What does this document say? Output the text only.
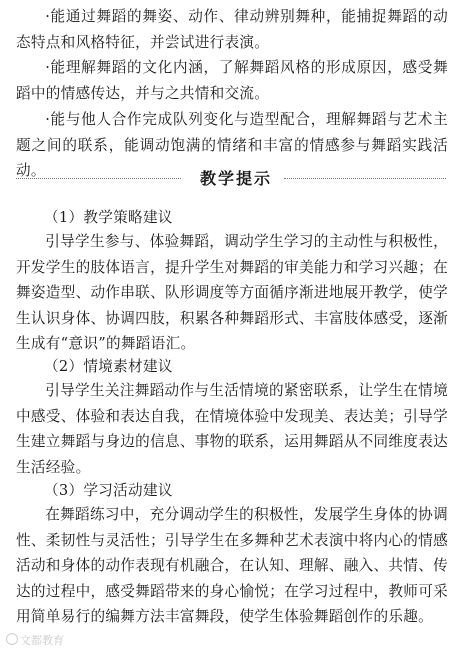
·能通过舞蹈的舞姿、动作、律动辨别舞种，能捕捉舞蹈的动态特点和风格特征，并尝试进行表演。

·能理解舞蹈的文化内涵，了解舞蹈风格的形成原因，感受舞蹈中的情感传达，并与之共情和交流。

·能与他人合作完成队列变化与造型配合，理解舞蹈与艺术主题之间的联系，能调动饱满的情绪和丰富的情感参与舞蹈实践活动。	教学提示
（1）教学策略建议

引导学生参与、体验舞蹈，调动学生学习的主动性与积极性，开发学生的肢体语言，提升学生对舞蹈的审美能力和学习兴趣；在舞姿造型、动作串联、队形调度等方面循序渐进地展开教学，使学生认识身体、协调四肢，积累各种舞蹈形式、丰富肢体感受，逐渐生成有“意识”的舞蹈语汇。

（2）情境素材建议

引导学生关注舞蹈动作与生活情境的紧密联系，让学生在情境中感受、体验和表达自我，在情境体验中发现美、表达美；引导学生建立舞蹈与身边的信息、事物的联系，运用舞蹈从不同维度表达生活经验。

（3）学习活动建议

在舞蹈练习中，充分调动学生的积极性，发展学生身体的协调性、柔韧性与灵活性；引导学生在多舞种艺术表演中将内心的情感活动和身体的动作表现有机融合，在认知、理解、融入、共情、传达的过程中，感受舞蹈带来的身心愉悦；在学习过程中，教师可采用简单易行的编舞方法丰富舞段，使学生体验舞蹈创作的乐趣。

文都教育
